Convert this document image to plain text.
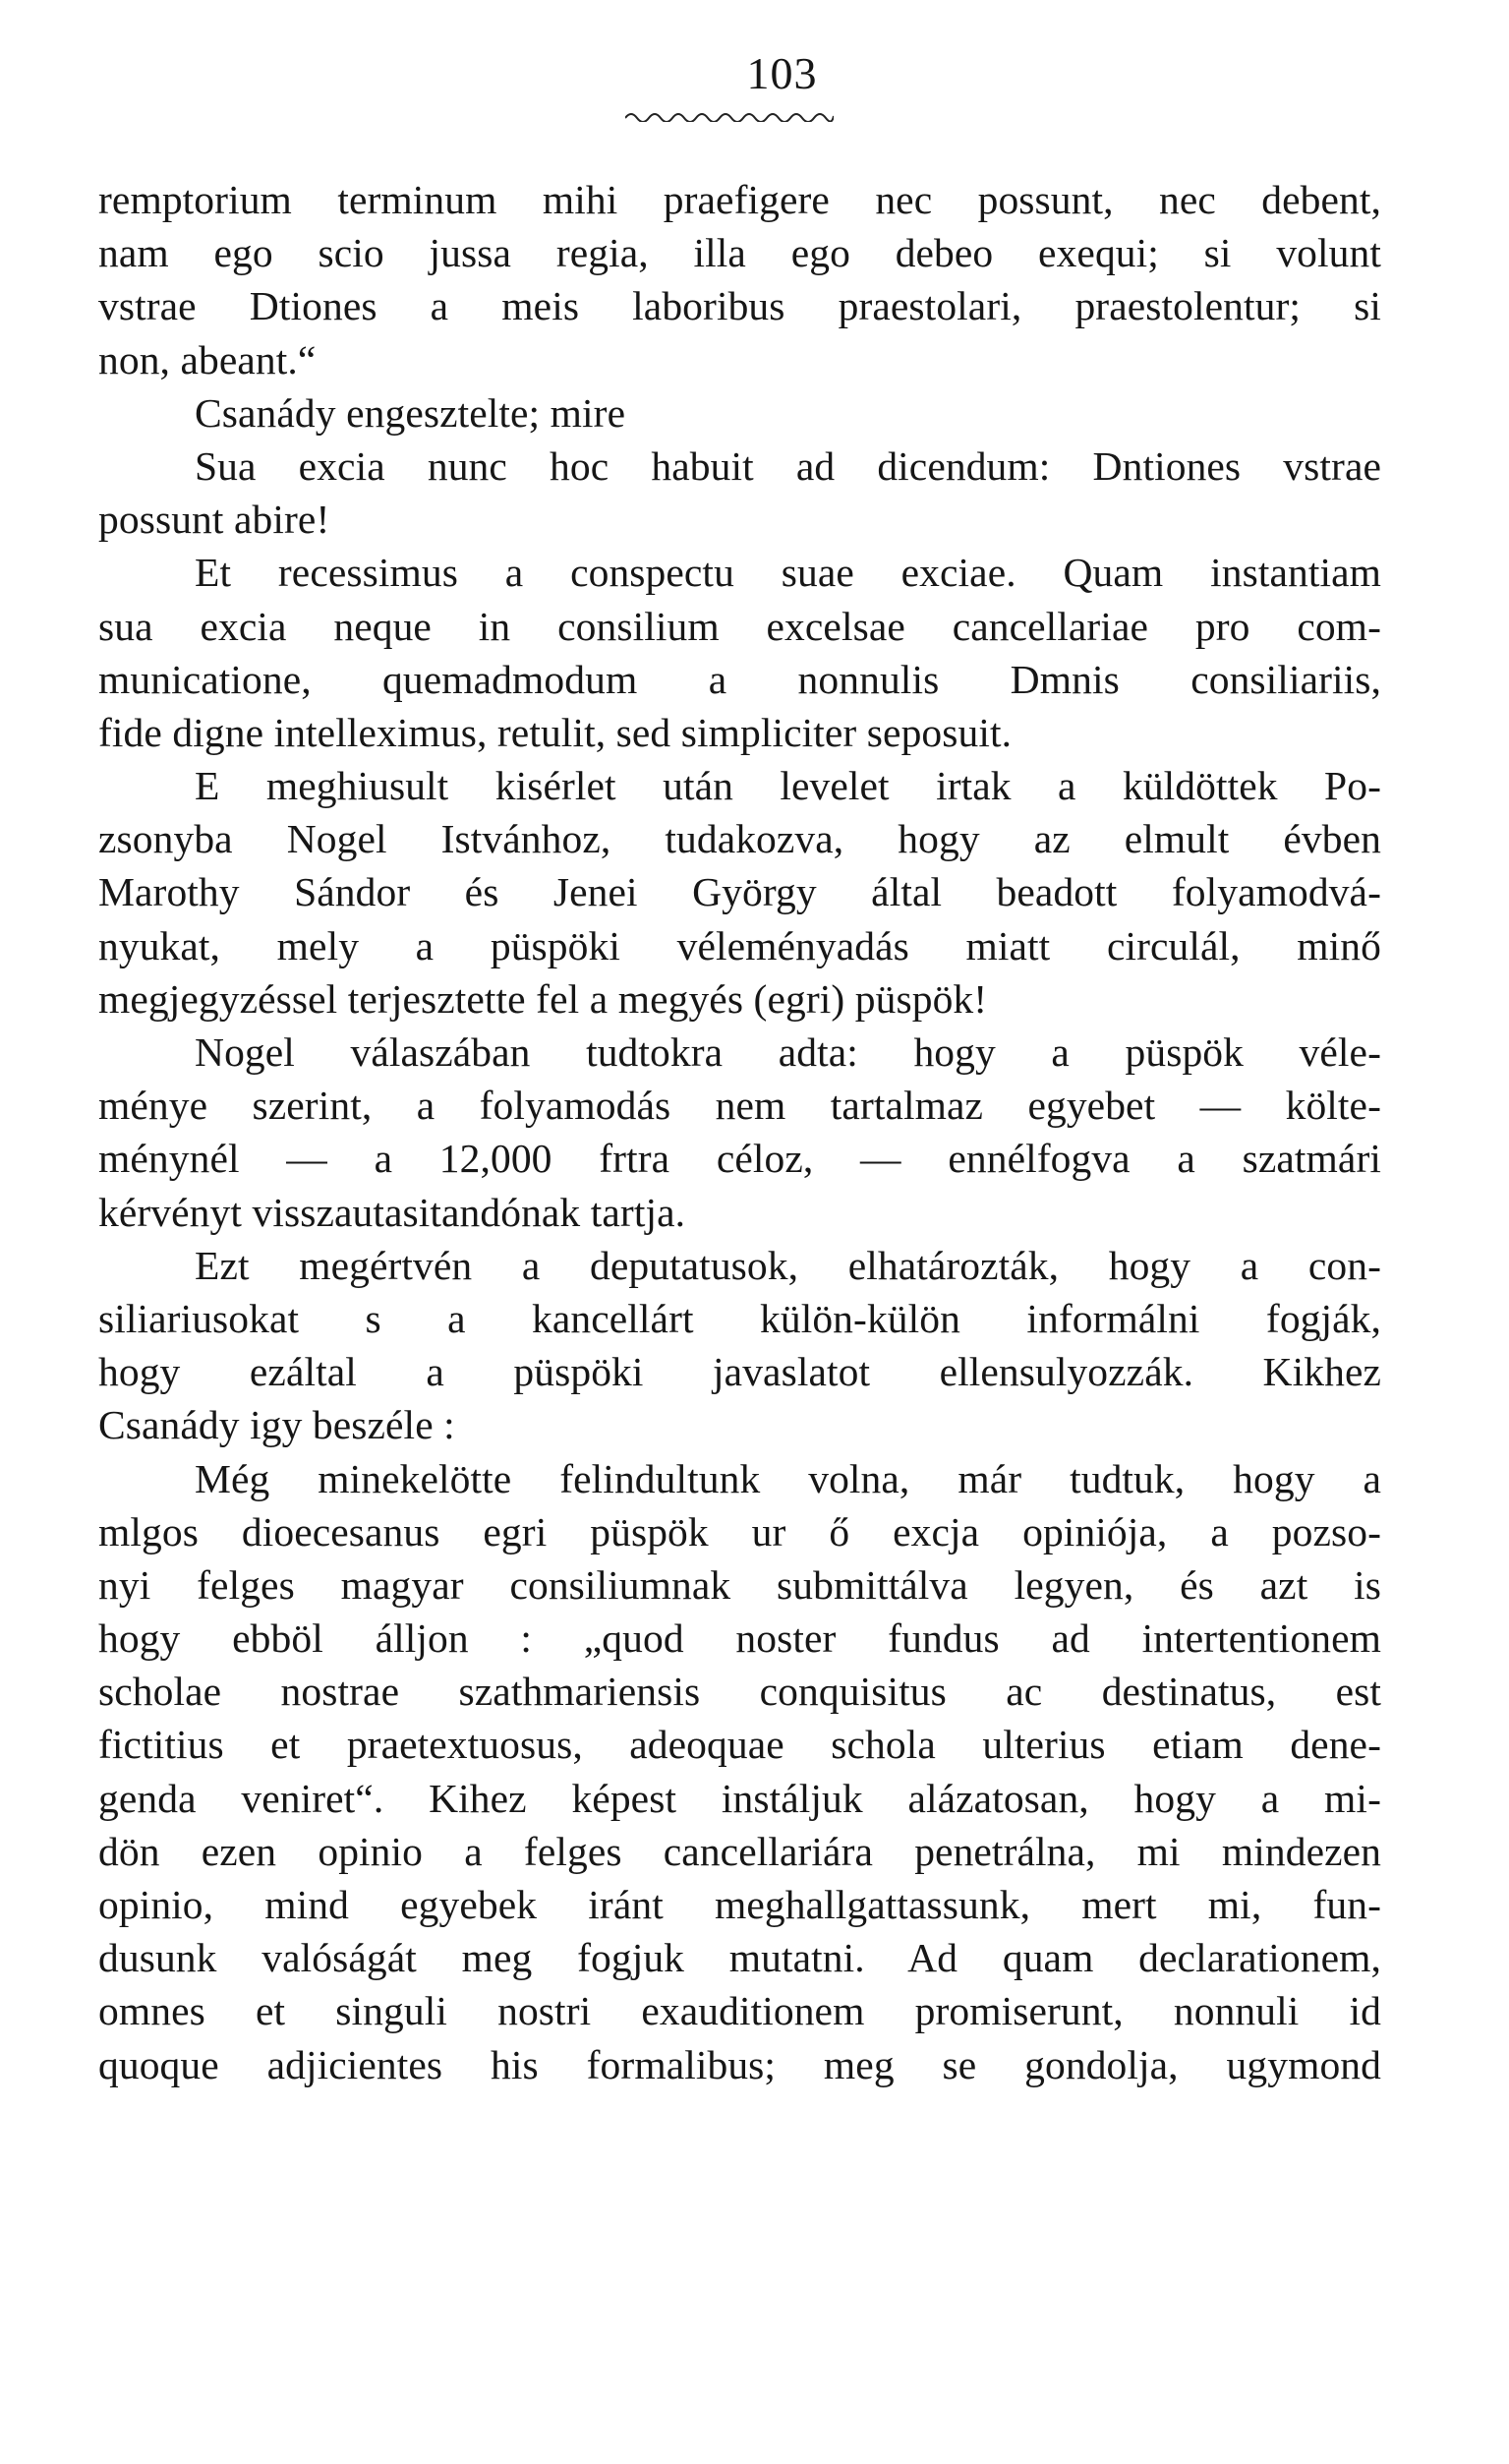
103
remptorium terminum mihi praefigere nec possunt, nec debent,
nam ego scio jussa regia, illa ego debeo exequi; si volunt
vstrae Dtiones a meis laboribus praestolari, praestolentur; si
non, abeant.“
Csanády engesztelte; mire
Sua excia nunc hoc habuit ad dicendum: Dntiones vstrae
possunt abire!
Et recessimus a conspectu suae exciae. Quam instantiam
sua excia neque in consilium excelsae cancellariae pro com-
municatione, quemadmodum a nonnulis Dmnis consiliariis,
fide digne intelleximus, retulit, sed simpliciter seposuit.
E meghiusult kisérlet után levelet irtak a küldöttek Po-
zsonyba Nogel Istvánhoz, tudakozva, hogy az elmult évben
Marothy Sándor és Jenei György által beadott folyamodvá-
nyukat, mely a püspöki véleményadás miatt circulál, minő
megjegyzéssel terjesztette fel a megyés (egri) püspök!
Nogel válaszában tudtokra adta: hogy a püspök véle-
ménye szerint, a folyamodás nem tartalmaz egyebet — költe-
ménynél — a 12,000 frtra céloz, — ennélfogva a szatmári
kérvényt visszautasitandónak tartja.
Ezt megértvén a deputatusok, elhatározták, hogy a con-
siliariusokat s a kancellárt külön-külön informálni fogják,
hogy ezáltal a püspöki javaslatot ellensulyozzák. Kikhez
Csanády igy beszéle :
Még minekelötte felindultunk volna, már tudtuk, hogy a
mlgos dioecesanus egri püspök ur ő excja opiniója, a pozso-
nyi felges magyar consiliumnak submittálva legyen, és azt is
hogy ebböl álljon : „quod noster fundus ad intertentionem
scholae nostrae szathmariensis conquisitus ac destinatus, est
fictitius et praetextuosus, adeoquae schola ulterius etiam dene-
genda veniret“. Kihez képest instáljuk alázatosan, hogy a mi-
dön ezen opinio a felges cancellariára penetrálna, mi mindezen
opinio, mind egyebek iránt meghallgattassunk, mert mi, fun-
dusunk valóságát meg fogjuk mutatni. Ad quam declarationem,
omnes et singuli nostri exauditionem promiserunt, nonnuli id
quoque adjicientes his formalibus; meg se gondolja, ugymond
